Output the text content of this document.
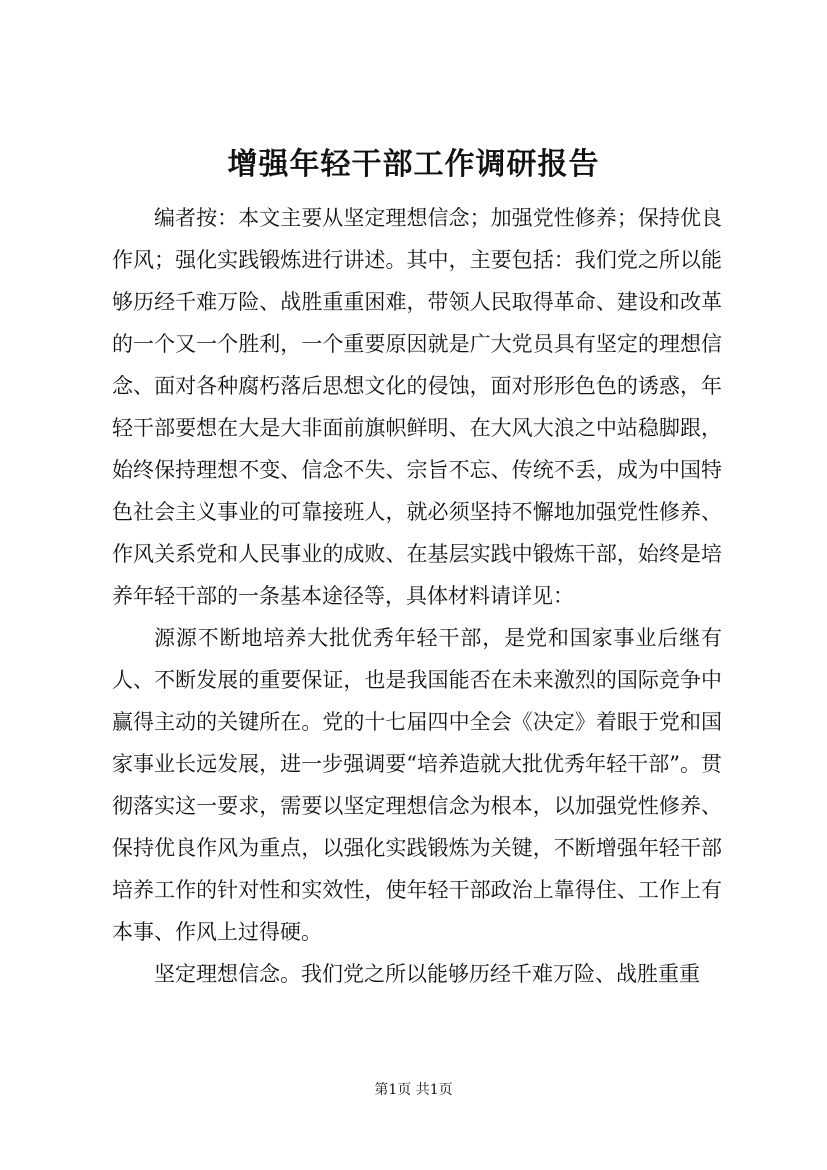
增强年轻干部工作调研报告

编者按：本文主要从坚定理想信念；加强党性修养；保持优良作风；强化实践锻炼进行讲述。其中，主要包括：我们党之所以能够历经千难万险、战胜重重困难，带领人民取得革命、建设和改革的一个又一个胜利，一个重要原因就是广大党员具有坚定的理想信念、面对各种腐朽落后思想文化的侵蚀，面对形形色色的诱惑，年轻干部要想在大是大非面前旗帜鲜明、在大风大浪之中站稳脚跟，始终保持理想不变、信念不失、宗旨不忘、传统不丢，成为中国特色社会主义事业的可靠接班人，就必须坚持不懈地加强党性修养、作风关系党和人民事业的成败、在基层实践中锻炼干部，始终是培养年轻干部的一条基本途径等，具体材料请详见：

源源不断地培养大批优秀年轻干部，是党和国家事业后继有人、不断发展的重要保证，也是我国能否在未来激烈的国际竞争中赢得主动的关键所在。党的十七届四中全会《决定》着眼于党和国家事业长远发展，进一步强调要“培养造就大批优秀年轻干部”。贯彻落实这一要求，需要以坚定理想信念为根本，以加强党性修养、保持优良作风为重点，以强化实践锻炼为关键，不断增强年轻干部培养工作的针对性和实效性，使年轻干部政治上靠得住、工作上有本事、作风上过得硬。

坚定理想信念。我们党之所以能够历经千难万险、战胜重重

第1页 共1页
